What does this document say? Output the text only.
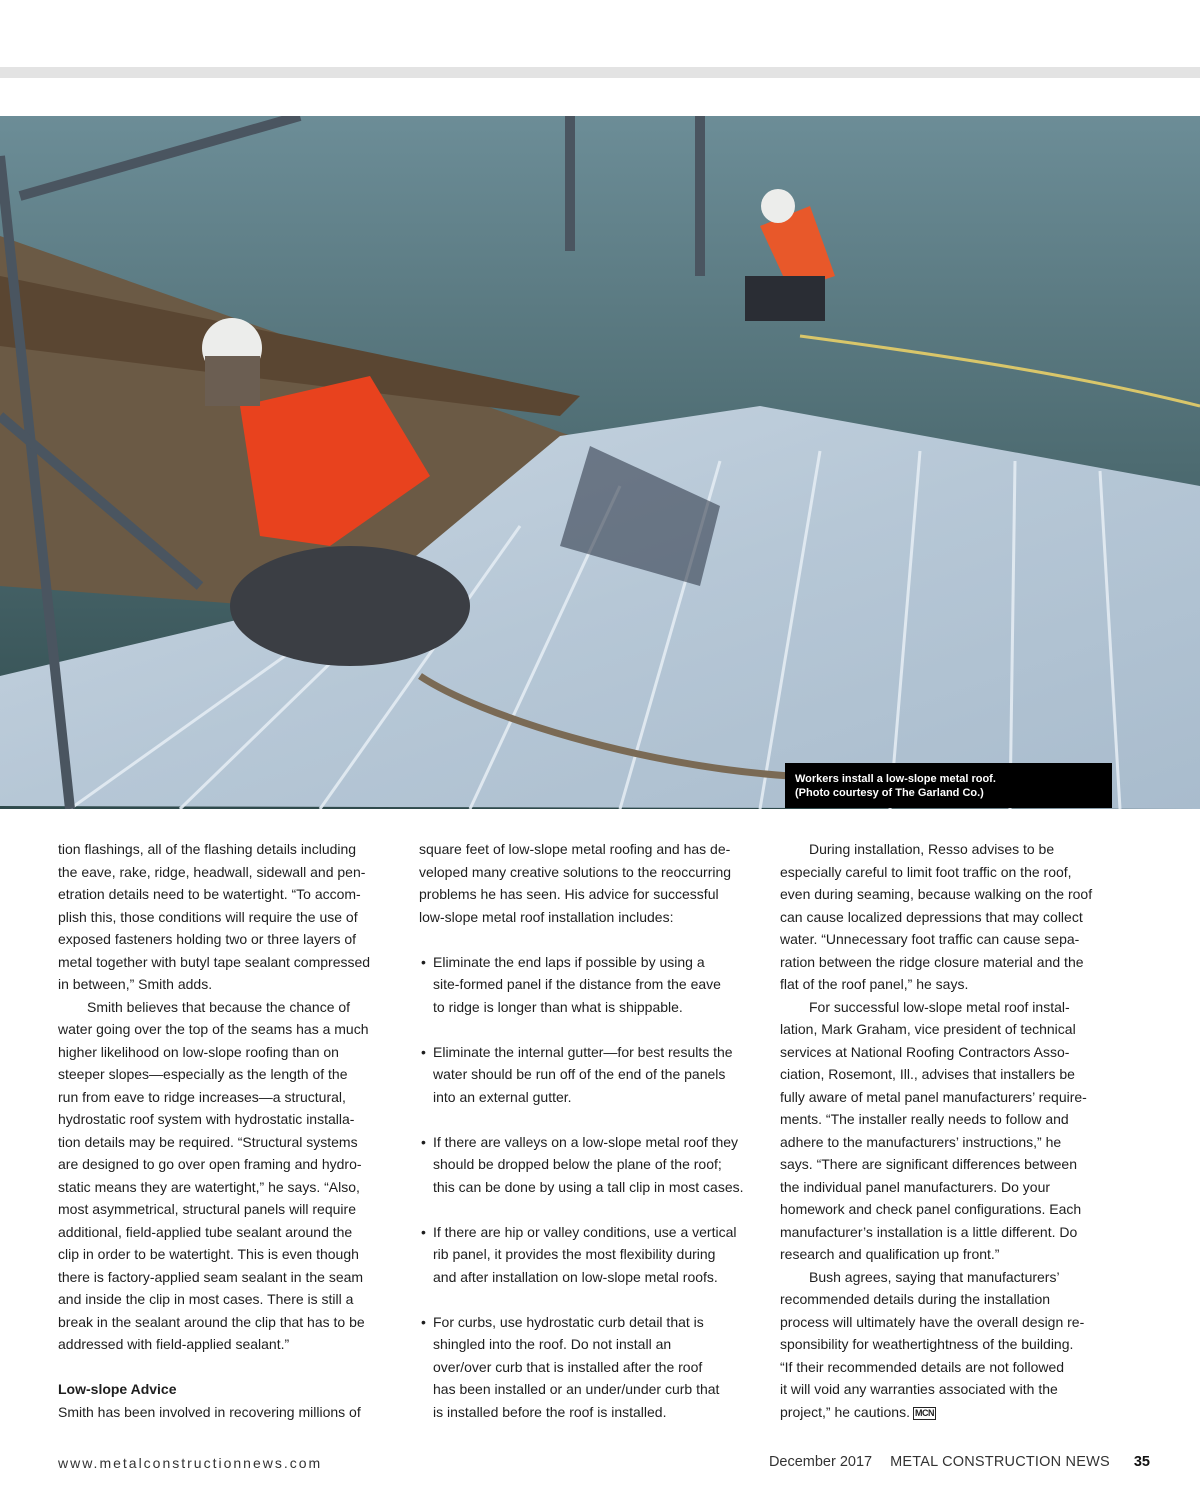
Workers install a low-slope metal roof.
(Photo courtesy of The Garland Co.)
tion flashings, all of the flashing details including
the eave, rake, ridge, headwall, sidewall and pen-
etration details need to be watertight. “To accom-
plish this, those conditions will require the use of
exposed fasteners holding two or three layers of
metal together with butyl tape sealant compressed
in between,” Smith adds.
Smith believes that because the chance of
water going over the top of the seams has a much
higher likelihood on low-slope roofing than on
steeper slopes—especially as the length of the
run from eave to ridge increases—a structural,
hydrostatic roof system with hydrostatic installa-
tion details may be required. “Structural systems
are designed to go over open framing and hydro-
static means they are watertight,” he says. “Also,
most asymmetrical, structural panels will require
additional, field-applied tube sealant around the
clip in order to be watertight. This is even though
there is factory-applied seam sealant in the seam
and inside the clip in most cases. There is still a
break in the sealant around the clip that has to be
addressed with field-applied sealant.”
Low-slope Advice
Smith has been involved in recovering millions of
square feet of low-slope metal roofing and has de-
veloped many creative solutions to the reoccurring
problems he has seen. His advice for successful
low-slope metal roof installation includes:
• Eliminate the end laps if possible by using a
site-formed panel if the distance from the eave
to ridge is longer than what is shippable.
• Eliminate the internal gutter—for best results the
water should be run off of the end of the panels
into an external gutter.
• If there are valleys on a low-slope metal roof they
should be dropped below the plane of the roof;
this can be done by using a tall clip in most cases.
• If there are hip or valley conditions, use a vertical
rib panel, it provides the most flexibility during
and after installation on low-slope metal roofs.
• For curbs, use hydrostatic curb detail that is
shingled into the roof. Do not install an
over/over curb that is installed after the roof
has been installed or an under/under curb that
is installed before the roof is installed.
During installation, Resso advises to be
especially careful to limit foot traffic on the roof,
even during seaming, because walking on the roof
can cause localized depressions that may collect
water. “Unnecessary foot traffic can cause sepa-
ration between the ridge closure material and the
flat of the roof panel,” he says.
For successful low-slope metal roof instal-
lation, Mark Graham, vice president of technical
services at National Roofing Contractors Asso-
ciation, Rosemont, Ill., advises that installers be
fully aware of metal panel manufacturers’ require-
ments. “The installer really needs to follow and
adhere to the manufacturers’ instructions,” he
says. “There are significant differences between
the individual panel manufacturers. Do your
homework and check panel configurations. Each
manufacturer’s installation is a little different. Do
research and qualification up front.”
Bush agrees, saying that manufacturers’
recommended details during the installation
process will ultimately have the overall design re-
sponsibility for weathertightness of the building.
“If their recommended details are not followed
it will void any warranties associated with the
project,” he cautions. MCN
www.metalconstructionnews.com	December 2017 METAL CONSTRUCTION NEWS 35
